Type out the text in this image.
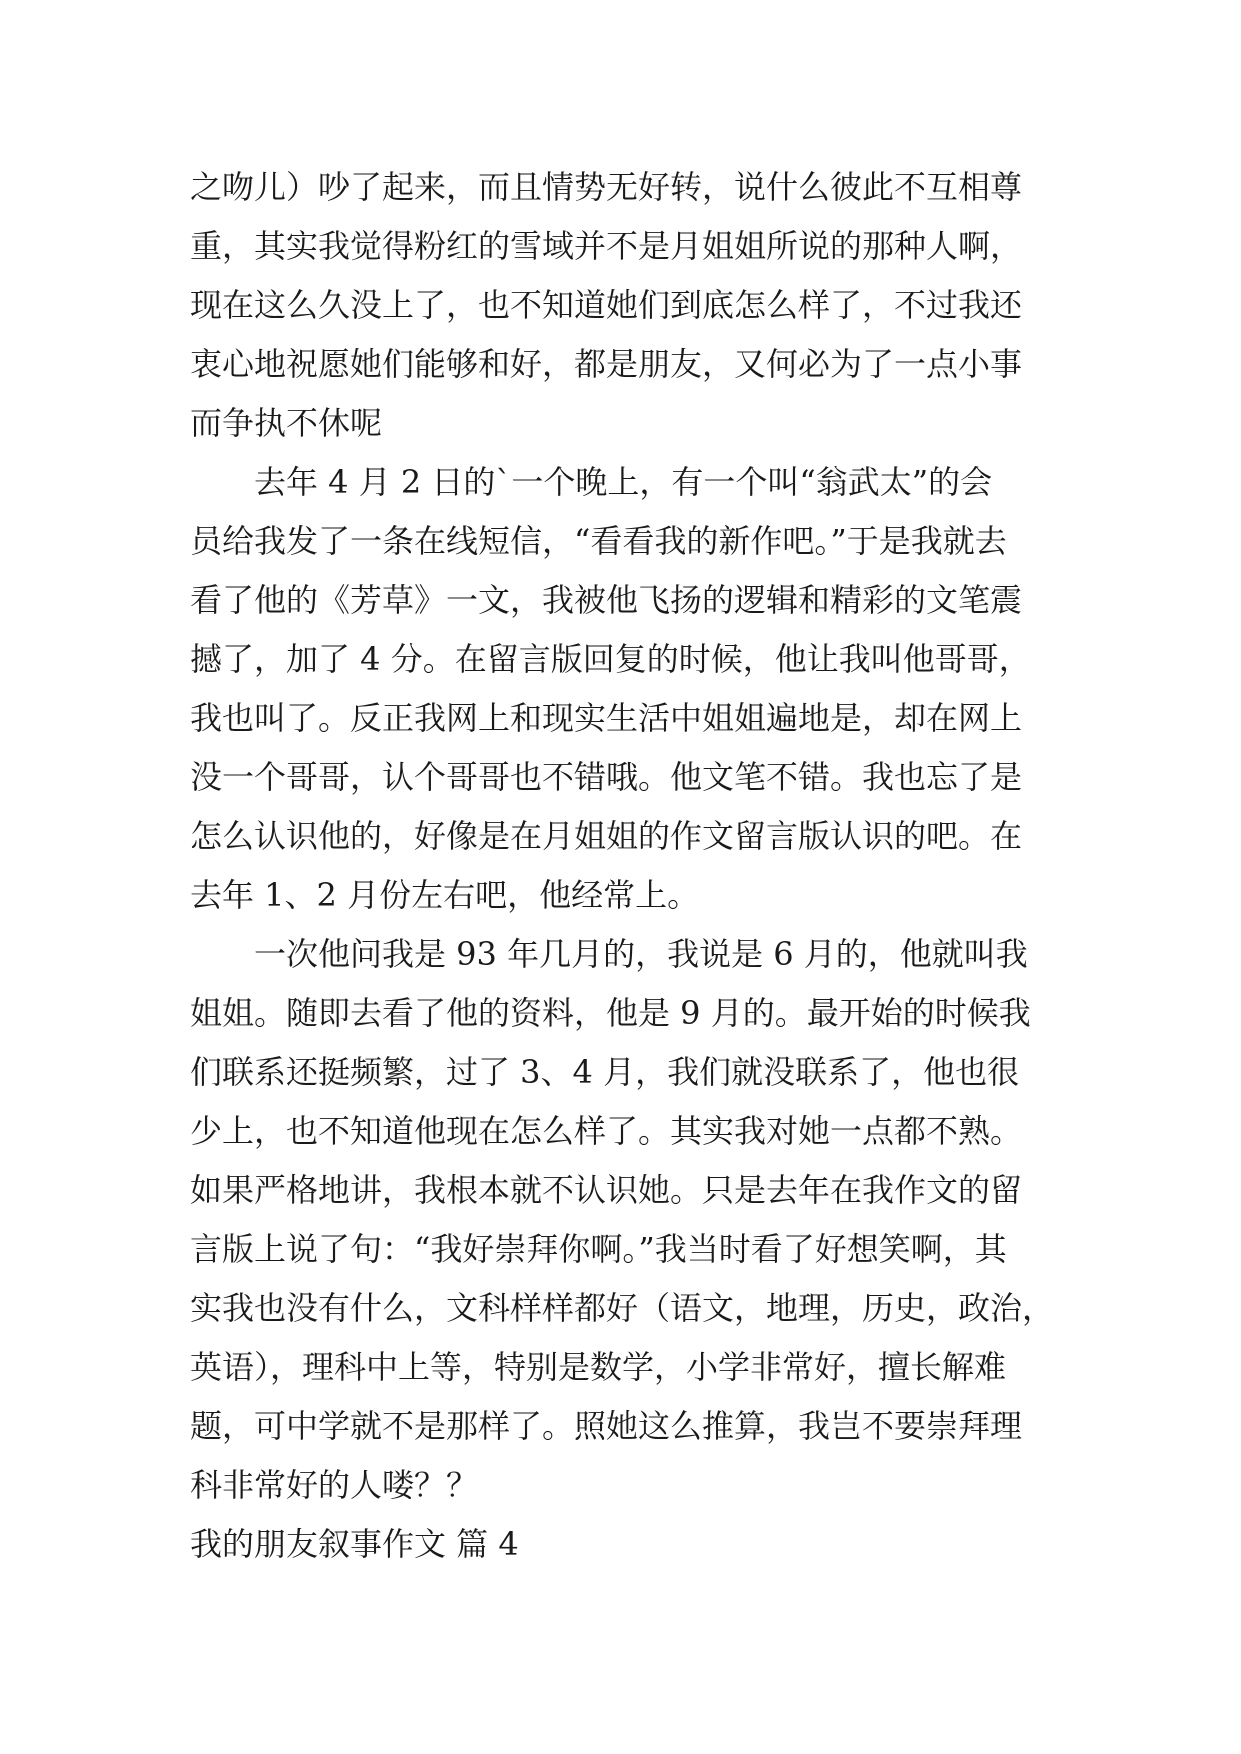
之吻儿）吵了起来，而且情势无好转，说什么彼此不互相尊
重，其实我觉得粉红的雪域并不是月姐姐所说的那种人啊，
现在这么久没上了，也不知道她们到底怎么样了，不过我还
衷心地祝愿她们能够和好，都是朋友，又何必为了一点小事
而争执不休呢
去年 4 月 2 日的`一个晚上，有一个叫“翁武太”的会
员给我发了一条在线短信，“看看我的新作吧。”于是我就去
看了他的《芳草》一文，我被他飞扬的逻辑和精彩的文笔震
撼了，加了 4 分。在留言版回复的时候，他让我叫他哥哥，
我也叫了。反正我网上和现实生活中姐姐遍地是，却在网上
没一个哥哥，认个哥哥也不错哦。他文笔不错。我也忘了是
怎么认识他的，好像是在月姐姐的作文留言版认识的吧。在
去年 1、2 月份左右吧，他经常上。
一次他问我是 93 年几月的，我说是 6 月的，他就叫我
姐姐。随即去看了他的资料，他是 9 月的。最开始的时候我
们联系还挺频繁，过了 3、4 月，我们就没联系了，他也很
少上，也不知道他现在怎么样了。其实我对她一点都不熟。
如果严格地讲，我根本就不认识她。只是去年在我作文的留
言版上说了句：“我好崇拜你啊。”我当时看了好想笑啊，其
实我也没有什么，文科样样都好（语文，地理，历史，政治，
英语），理科中上等，特别是数学，小学非常好，擅长解难
题，可中学就不是那样了。照她这么推算，我岂不要崇拜理
科非常好的人喽？？
我的朋友叙事作文 篇 4
